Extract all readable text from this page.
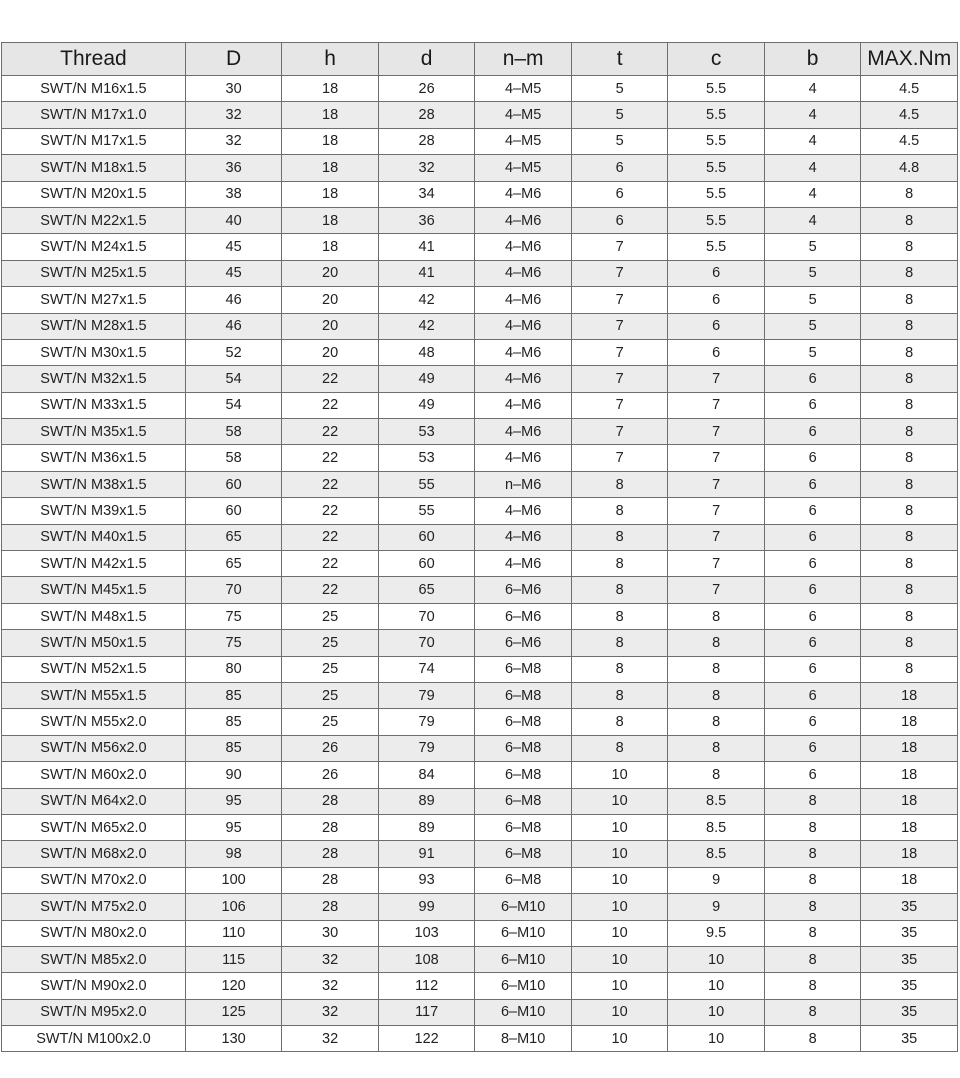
Thread	D	h	d	n–m	t	c	b	MAX.Nm
SWT/N M16x1.5	30	18	26	4–M5	5	5.5	4	4.5
SWT/N M17x1.0	32	18	28	4–M5	5	5.5	4	4.5
SWT/N M17x1.5	32	18	28	4–M5	5	5.5	4	4.5
SWT/N M18x1.5	36	18	32	4–M5	6	5.5	4	4.8
SWT/N M20x1.5	38	18	34	4–M6	6	5.5	4	8
SWT/N M22x1.5	40	18	36	4–M6	6	5.5	4	8
SWT/N M24x1.5	45	18	41	4–M6	7	5.5	5	8
SWT/N M25x1.5	45	20	41	4–M6	7	6	5	8
SWT/N M27x1.5	46	20	42	4–M6	7	6	5	8
SWT/N M28x1.5	46	20	42	4–M6	7	6	5	8
SWT/N M30x1.5	52	20	48	4–M6	7	6	5	8
SWT/N M32x1.5	54	22	49	4–M6	7	7	6	8
SWT/N M33x1.5	54	22	49	4–M6	7	7	6	8
SWT/N M35x1.5	58	22	53	4–M6	7	7	6	8
SWT/N M36x1.5	58	22	53	4–M6	7	7	6	8
SWT/N M38x1.5	60	22	55	n–M6	8	7	6	8
SWT/N M39x1.5	60	22	55	4–M6	8	7	6	8
SWT/N M40x1.5	65	22	60	4–M6	8	7	6	8
SWT/N M42x1.5	65	22	60	4–M6	8	7	6	8
SWT/N M45x1.5	70	22	65	6–M6	8	7	6	8
SWT/N M48x1.5	75	25	70	6–M6	8	8	6	8
SWT/N M50x1.5	75	25	70	6–M6	8	8	6	8
SWT/N M52x1.5	80	25	74	6–M8	8	8	6	8
SWT/N M55x1.5	85	25	79	6–M8	8	8	6	18
SWT/N M55x2.0	85	25	79	6–M8	8	8	6	18
SWT/N M56x2.0	85	26	79	6–M8	8	8	6	18
SWT/N M60x2.0	90	26	84	6–M8	10	8	6	18
SWT/N M64x2.0	95	28	89	6–M8	10	8.5	8	18
SWT/N M65x2.0	95	28	89	6–M8	10	8.5	8	18
SWT/N M68x2.0	98	28	91	6–M8	10	8.5	8	18
SWT/N M70x2.0	100	28	93	6–M8	10	9	8	18
SWT/N M75x2.0	106	28	99	6–M10	10	9	8	35
SWT/N M80x2.0	110	30	103	6–M10	10	9.5	8	35
SWT/N M85x2.0	115	32	108	6–M10	10	10	8	35
SWT/N M90x2.0	120	32	112	6–M10	10	10	8	35
SWT/N M95x2.0	125	32	117	6–M10	10	10	8	35
SWT/N M100x2.0	130	32	122	8–M10	10	10	8	35
